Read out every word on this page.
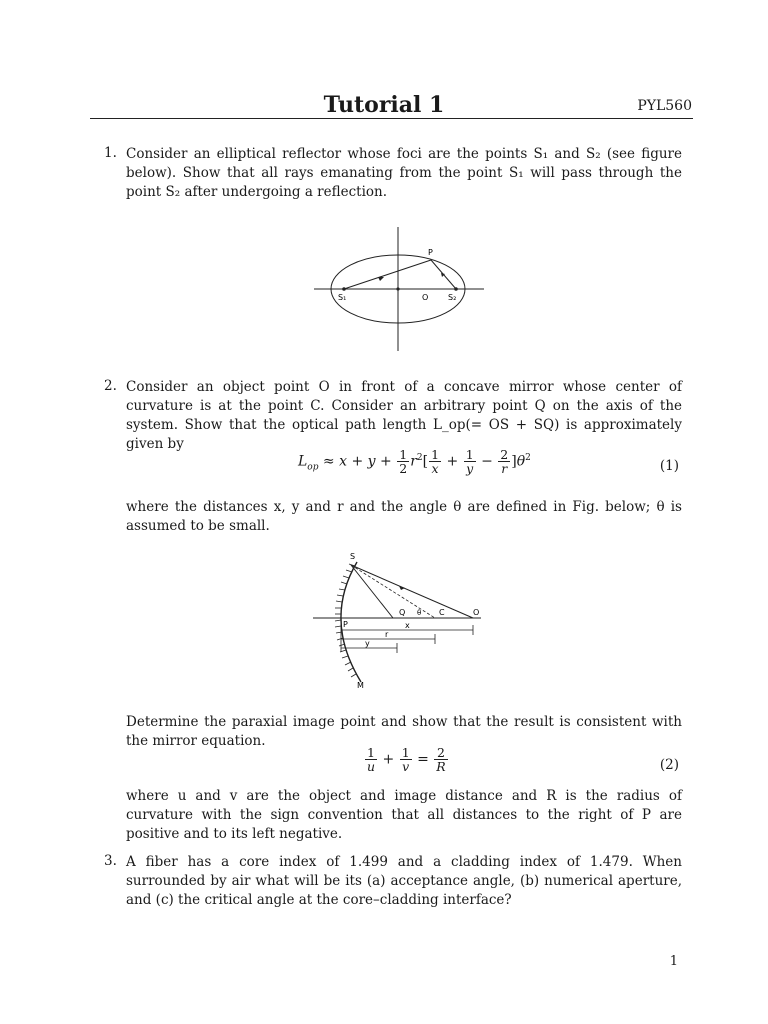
Tutorial 1	PYL560
1. Consider an elliptical reflector whose foci are the points S₁ and S₂ (see figure below). Show that all rays emanating from the point S₁ will pass through the point S₂ after undergoing a reflection.

P
S₁	O S₂
2. Consider an object point O in front of a concave mirror whose center of curvature is at the point C. Consider an arbitrary point Q on the axis of the system. Show that the optical path length L_op(= OS + SQ) is approximately given by

$L_{op} \approx x + y + \frac{1}{2} r^2[ \frac{1}{x} + \frac{1}{y} - \frac{2}{r} ]\theta^2$
(1)

where the distances x, y and r and the angle θ are defined in Fig. below; θ is assumed to be small.

S
Q θ C	O
P	x
r
y
M

Determine the paraxial image point and show that the result is consistent with the mirror equation.

$\frac{1}{u} + \frac{1}{v} = \frac{2}{R}$	(2)

where u and v are the object and image distance and R is the radius of curvature with the sign convention that all distances to the right of P are positive and to its left negative.

3. A fiber has a core index of 1.499 and a cladding index of 1.479. When surrounded by air what will be its (a) acceptance angle, (b) numerical aperture, and (c) the critical angle at the core–cladding interface?

1
